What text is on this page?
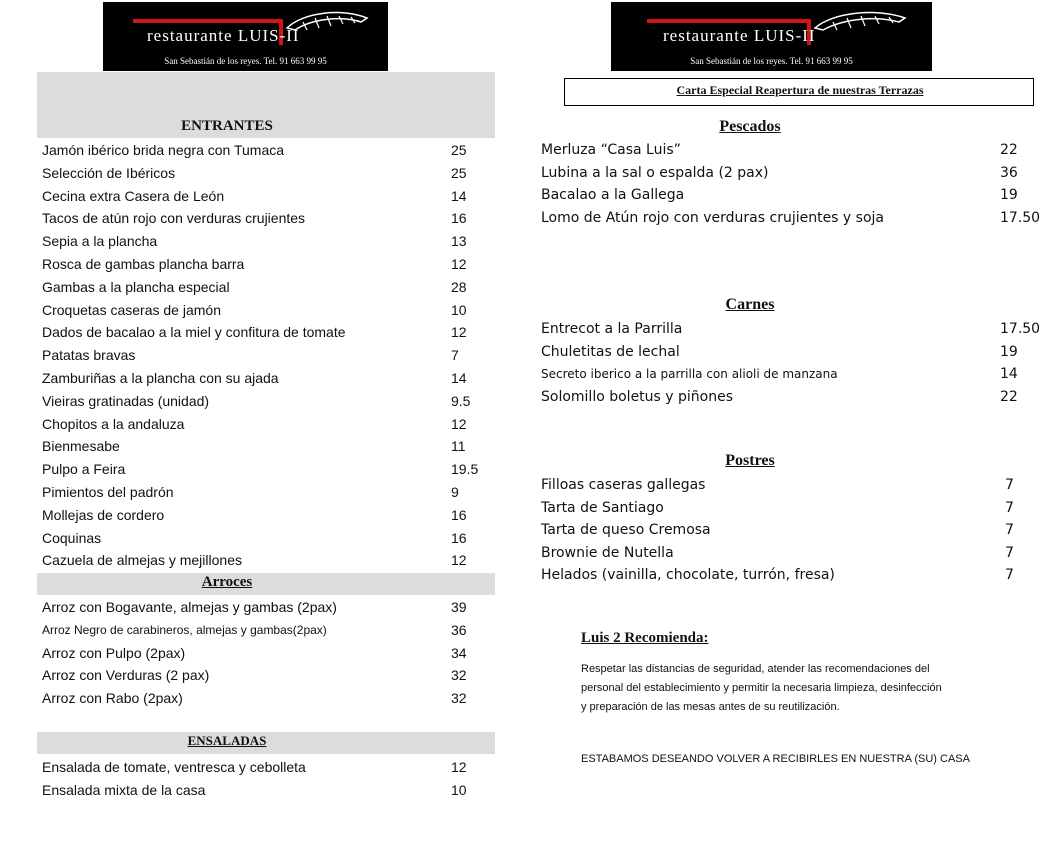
restaurante LUIS-II
San Sebastián de los reyes. Tel. 91 663 99 95
restaurante LUIS-II
San Sebastián de los reyes. Tel. 91 663 99 95
ENTRANTES
Jamón ibérico brida negra con Tumaca	25
Selección de Ibéricos	25
Cecina extra Casera de León	14
Tacos de atún rojo con verduras crujientes	16
Sepia a la plancha	13
Rosca de gambas plancha barra	12
Gambas a la plancha especial	28
Croquetas caseras de jamón	10
Dados de bacalao a la miel y confitura de tomate	12
Patatas bravas	7
Zamburiñas a la plancha con su ajada	14
Vieiras gratinadas (unidad)	9.5
Chopitos a la andaluza	12
Bienmesabe	11
Pulpo a Feira	19.5
Pimientos del padrón	9
Mollejas de cordero	16
Coquinas	16
Cazuela de almejas y mejillones	12
Arroces
Arroz con Bogavante, almejas y gambas (2pax)	39
Arroz Negro de carabineros, almejas y gambas(2pax)	36
Arroz con Pulpo (2pax)	34
Arroz con Verduras (2 pax)	32
Arroz con Rabo (2pax)	32
ENSALADAS
Ensalada de tomate, ventresca y cebolleta	12
Ensalada mixta de la casa	10
Carta Especial Reapertura de nuestras Terrazas
Pescados
Merluza “Casa Luis”	22
Lubina a la sal o espalda (2 pax)	36
Bacalao a la Gallega	19
Lomo de Atún rojo con verduras crujientes y soja	17.50
Carnes
Entrecot a la Parrilla	17.50
Chuletitas de lechal	19
Secreto iberico a la parrilla con alioli de manzana	14
Solomillo boletus y piñones	22
Postres
Filloas caseras gallegas	7
Tarta de Santiago	7
Tarta de queso Cremosa	7
Brownie de Nutella	7
Helados (vainilla, chocolate, turrón, fresa)	7
Luis 2 Recomienda:
Respetar las distancias de seguridad, atender las recomendaciones del
personal del establecimiento y permitir la necesaria limpieza, desinfección
y preparación de las mesas antes de su reutilización.
ESTABAMOS DESEANDO VOLVER A RECIBIRLES EN NUESTRA (SU) CASA
